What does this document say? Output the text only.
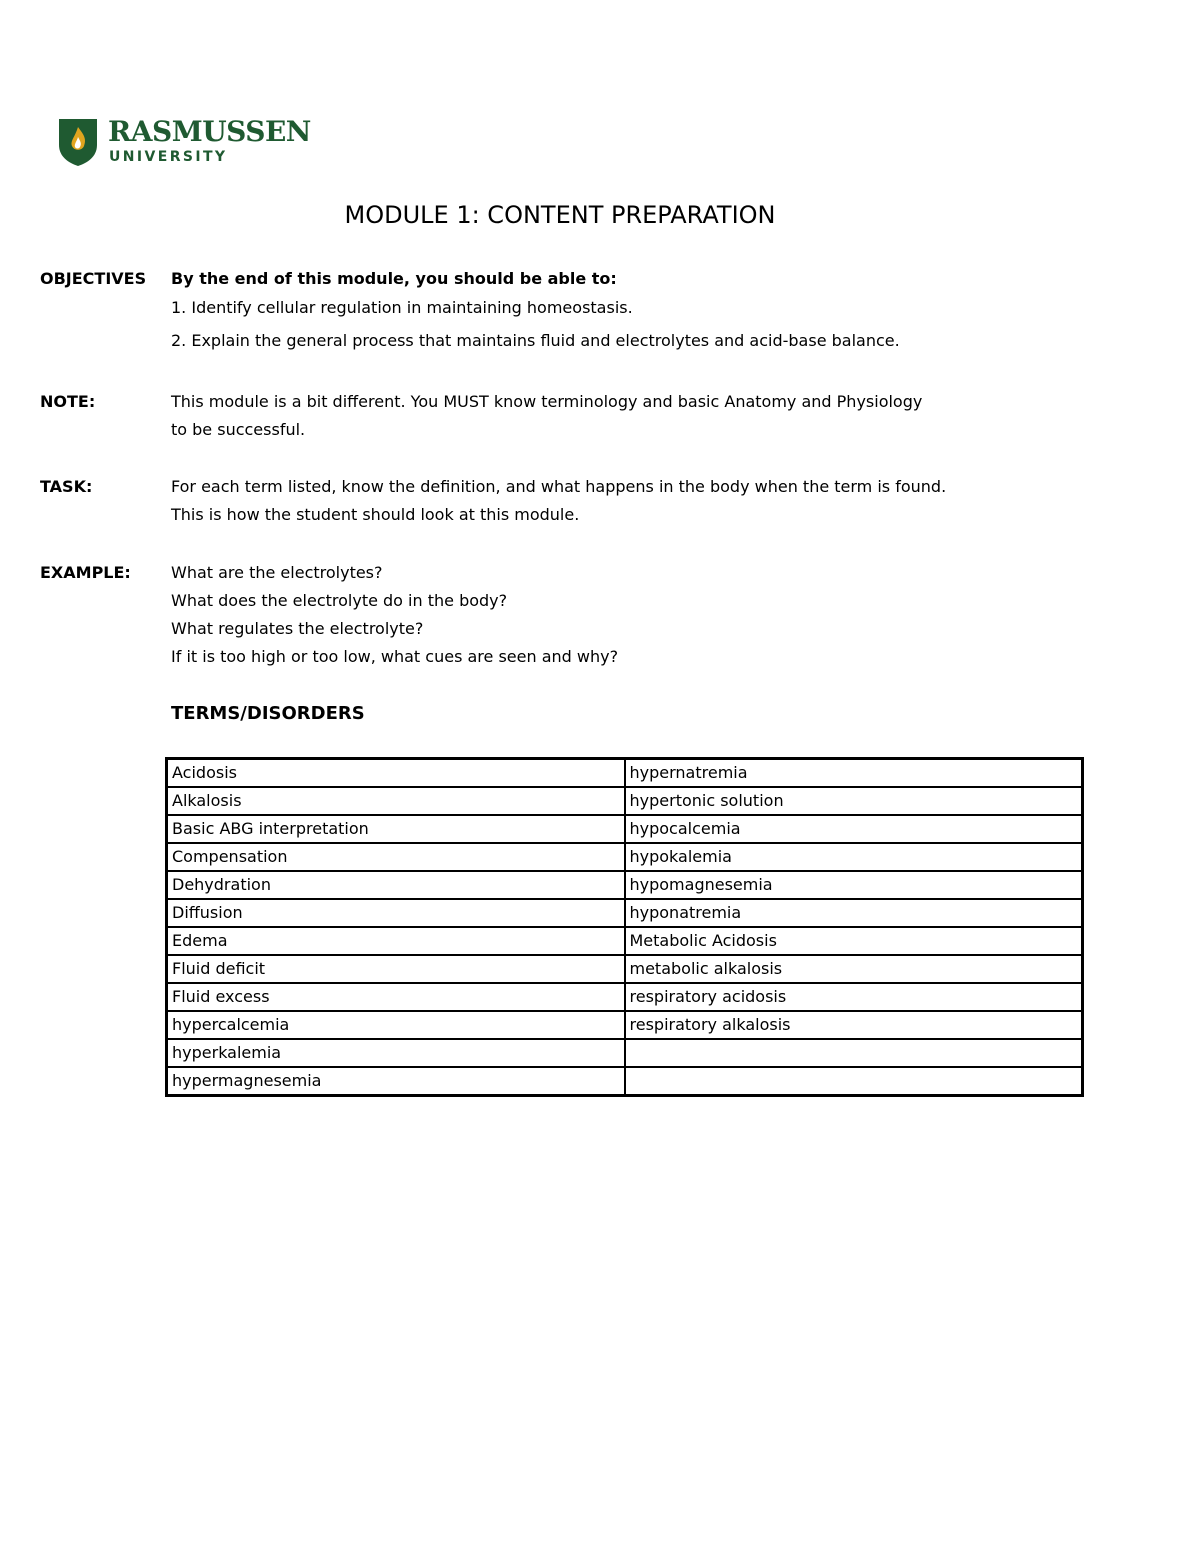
RASMUSSEN
UNIVERSITY
MODULE 1: CONTENT PREPARATION
OBJECTIVES By the end of this module, you should be able to:
1. Identify cellular regulation in maintaining homeostasis.
2. Explain the general process that maintains fluid and electrolytes and acid-base balance.
NOTE:	This module is a bit different. You MUST know terminology and basic Anatomy and Physiology
to be successful.
TASK:	For each term listed, know the definition, and what happens in the body when the term is found.
This is how the student should look at this module.
EXAMPLE:	What are the electrolytes?
What does the electrolyte do in the body?
What regulates the electrolyte?
If it is too high or too low, what cues are seen and why?
TERMS/DISORDERS
Acidosis	hypernatremia
Alkalosis	hypertonic solution
Basic ABG interpretation	hypocalcemia
Compensation	hypokalemia
Dehydration	hypomagnesemia
Diffusion	hyponatremia
Edema	Metabolic Acidosis
Fluid deficit	metabolic alkalosis
Fluid excess	respiratory acidosis
hypercalcemia	respiratory alkalosis
hyperkalemia	
hypermagnesemia	
